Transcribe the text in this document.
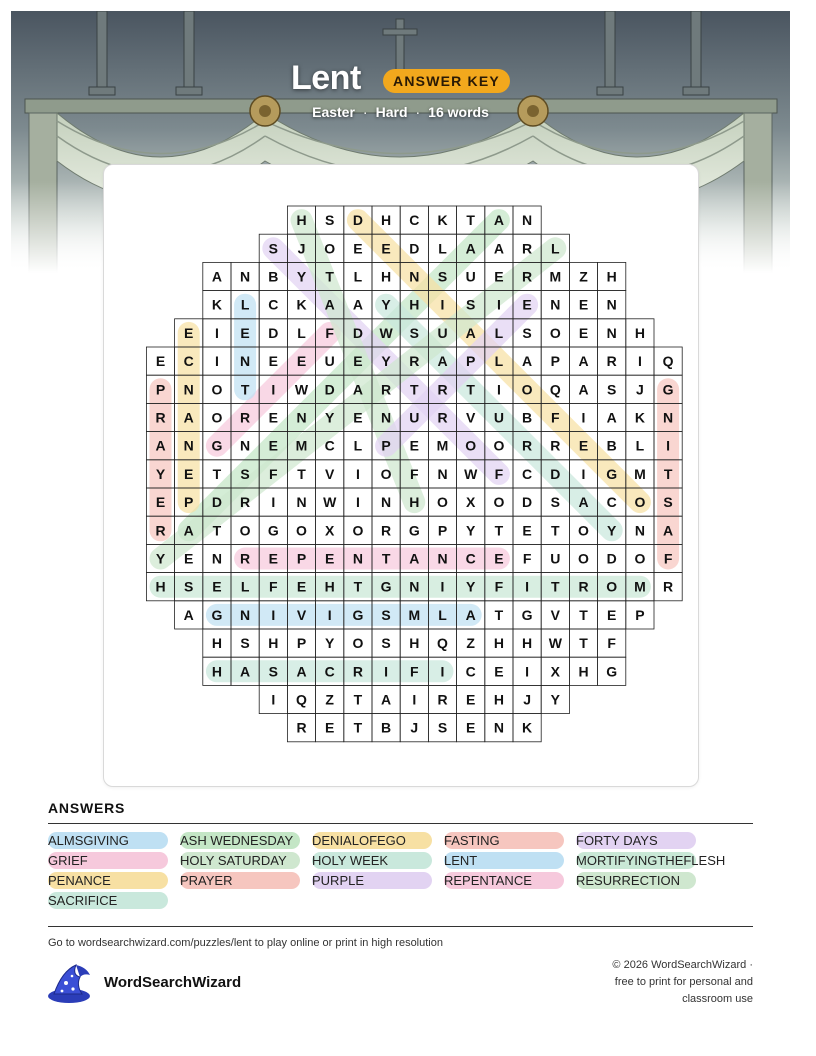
Lent	ANSWER KEY
Easter · Hard · 16 words
H S D H C K T A N
S J O E E D L A A R L
A N B Y T L H N S U E R M Z H
K L C K A A Y H I S I E N E N
E I E D L F D W S U A L S O E N H
E C I N E E U E Y R A P L A P A R I Q
P N O T I W D A R T R T I O Q A S J G
R A O R E N Y E N U R V U B F I A K N
A N G N E M C L P E M O O R R E B L I
Y E T S F T V I O F N W F C D I G M T
E P D R I N W I N H O X O D S A C O S
R A T O G O X O R G P Y T E T O Y N A
Y E N R E P E N T A N C E F U O D O F
H S E L F E H T G N I Y F I T R O M R
A G N I V I G S M L A T G V T E P
H S H P Y O S H Q Z H H W T F
H A S A C R I F I C E I X H G
I Q Z T A I R E H J Y
R E T B J S E N K
ANSWERS
ALMSGIVING	ASH WEDNESDAY	DENIALOFEGO	FASTING	FORTY DAYS
GRIEF	HOLY SATURDAY	HOLY WEEK	LENT	MORTIFYINGTHEFLESH
PENANCE	PRAYER	PURPLE	REPENTANCE	RESURRECTION
SACRIFICE
Go to wordsearchwizard.com/puzzles/lent to play online or print in high resolution
WordSearchWizard
© 2026 WordSearchWizard ·
free to print for personal and
classroom use
